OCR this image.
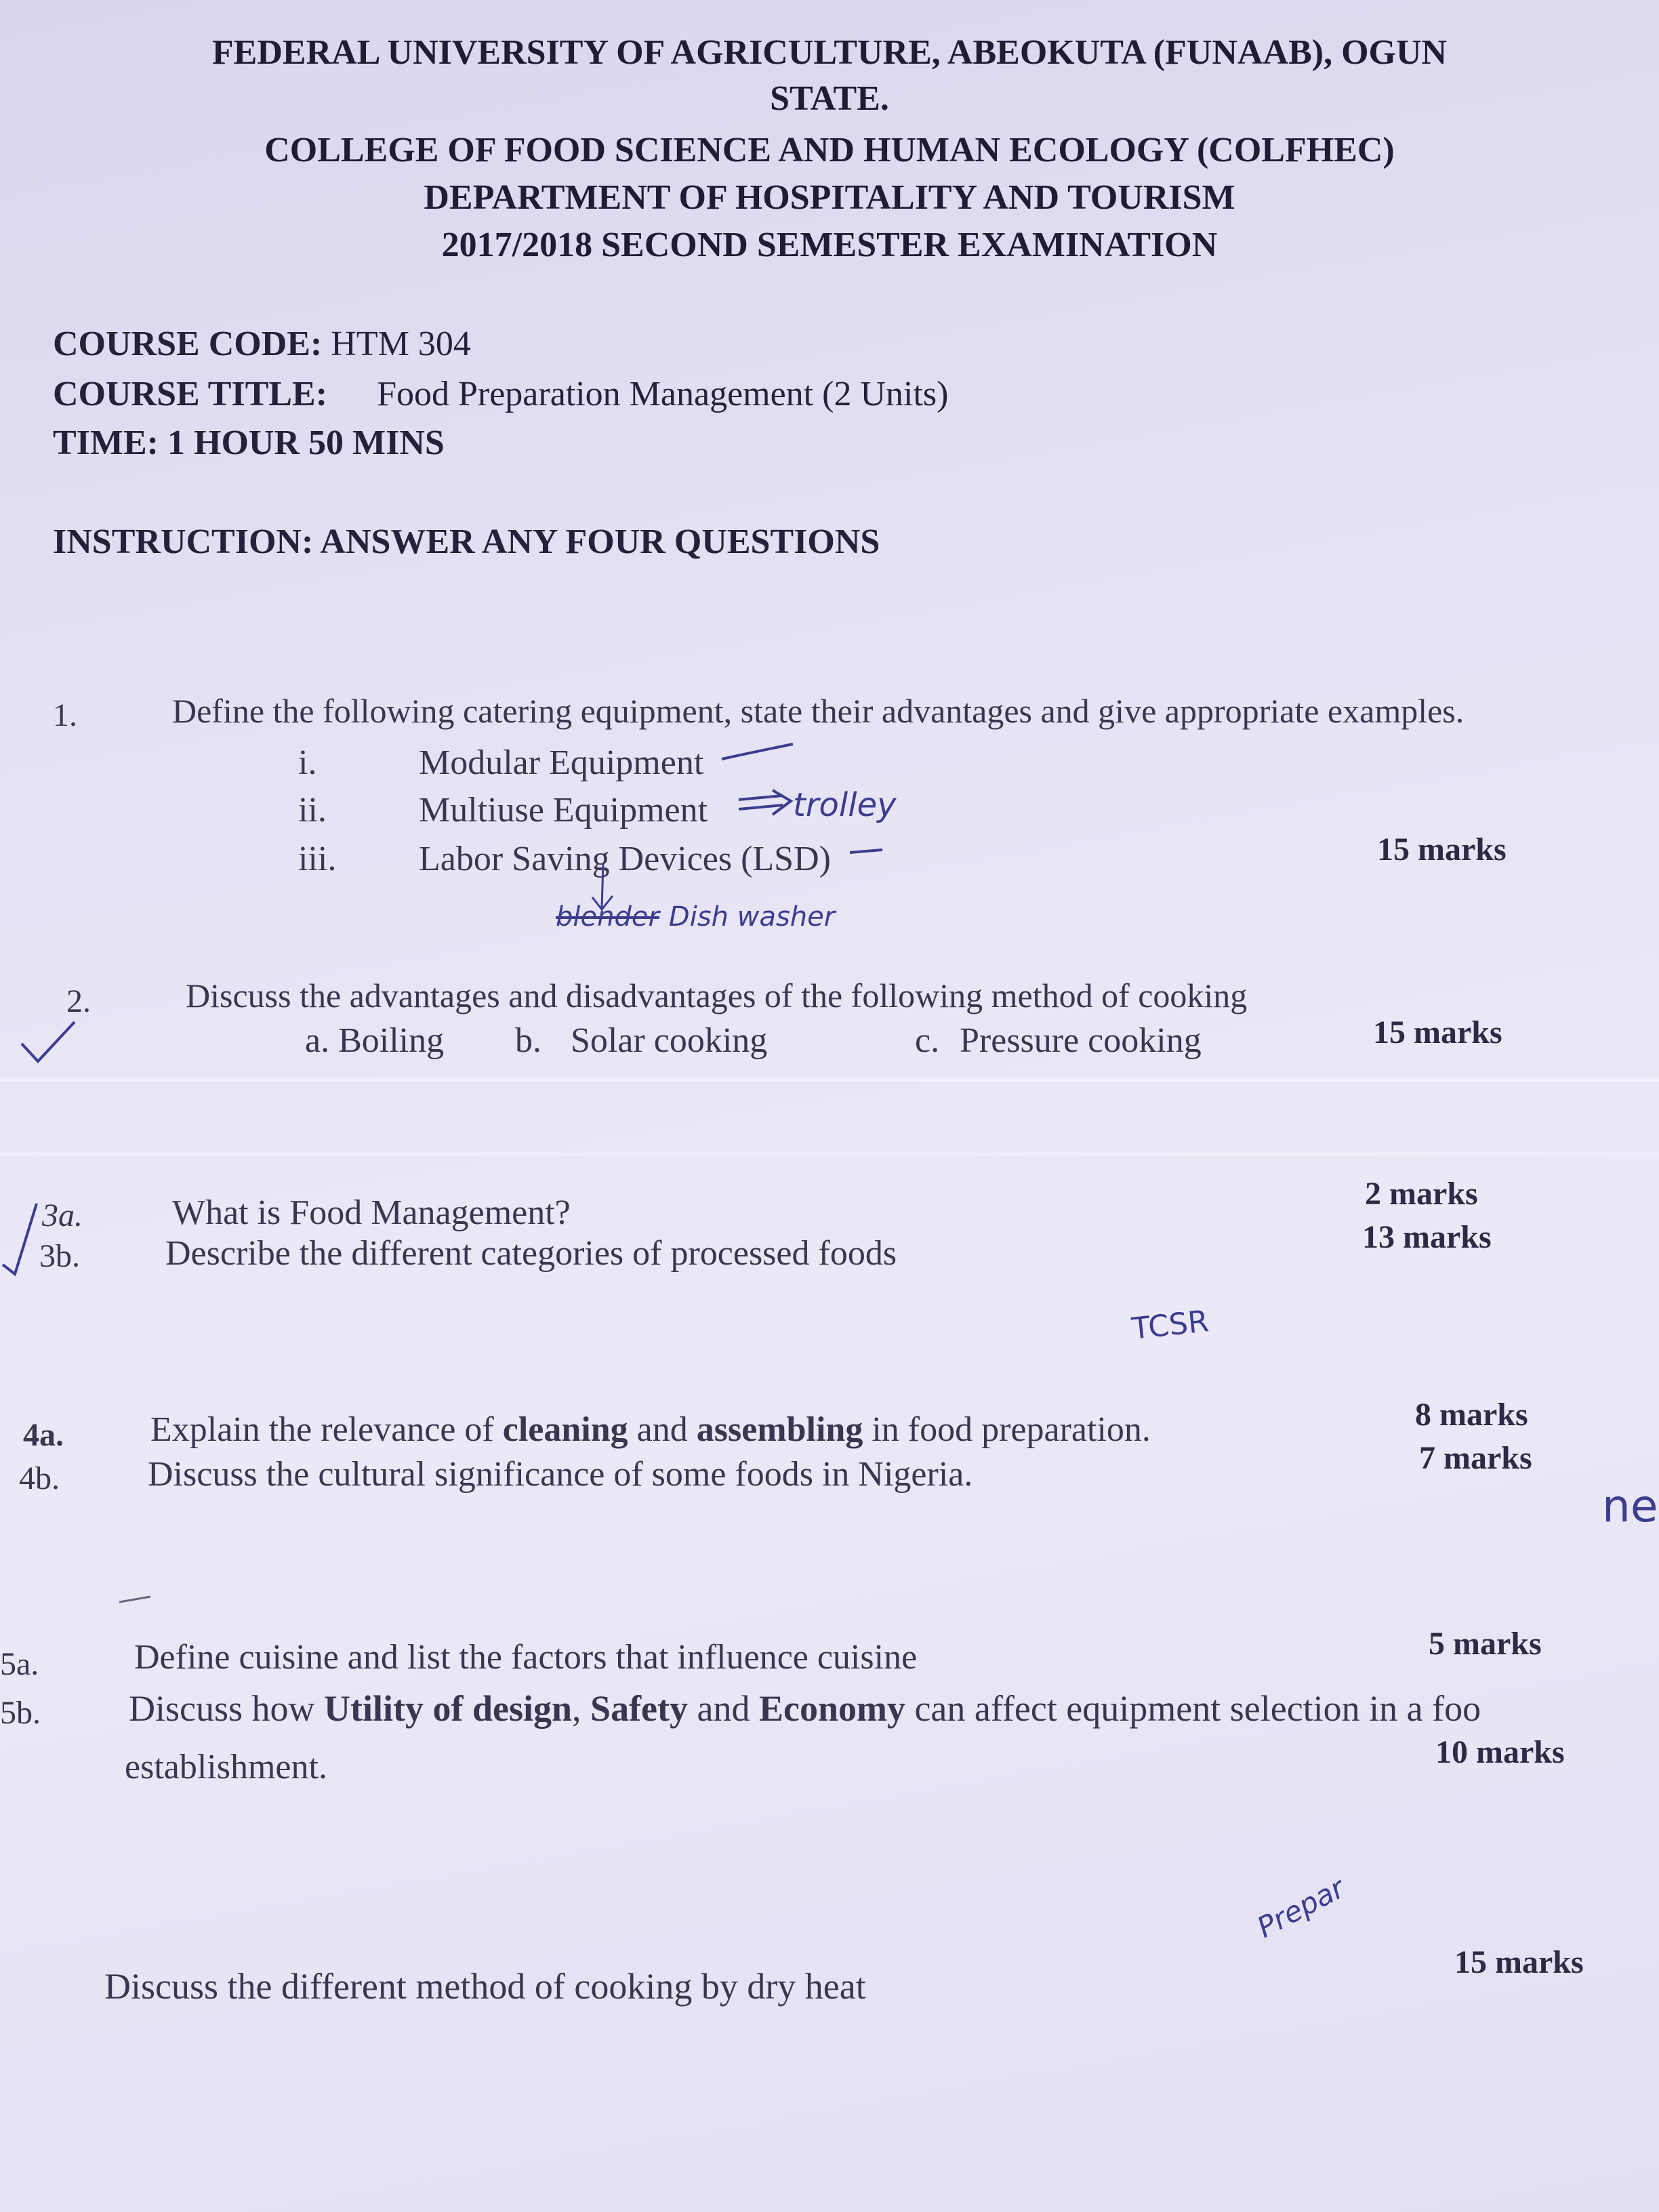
FEDERAL UNIVERSITY OF AGRICULTURE, ABEOKUTA (FUNAAB), OGUN
STATE.
COLLEGE OF FOOD SCIENCE AND HUMAN ECOLOGY (COLFHEC)
DEPARTMENT OF HOSPITALITY AND TOURISM
2017/2018 SECOND SEMESTER EXAMINATION
COURSE CODE: HTM 304
COURSE TITLE: Food Preparation Management (2 Units)
TIME: 1 HOUR 50 MINS
INSTRUCTION: ANSWER ANY FOUR QUESTIONS
1.	Define the following catering equipment, state their advantages and give appropriate examples.
i.	Modular Equipment
ii.	Multiuse Equipment
iii. Labor Saving Devices (LSD)	15 marks
trolley
blender Dish washer
2.	Discuss the advantages and disadvantages of the following method of cooking
a. Boiling b. Solar cooking	c. Pressure cooking	15 marks
3a.	What is Food Management?	2 marks
3b. Describe the different categories of processed foods	13 marks
TCSR
4a. Explain the relevance of cleaning and assembling in food preparation.	8 marks
4b.	Discuss the cultural significance of some foods in Nigeria.	7 marks
ne
5a.	Define cuisine and list the factors that influence cuisine	5 marks
5b. Discuss how Utility of design, Safety and Economy can affect equipment selection in a foo
establishment.	10 marks
Prepar
Discuss the different method of cooking by dry heat
15 marks
